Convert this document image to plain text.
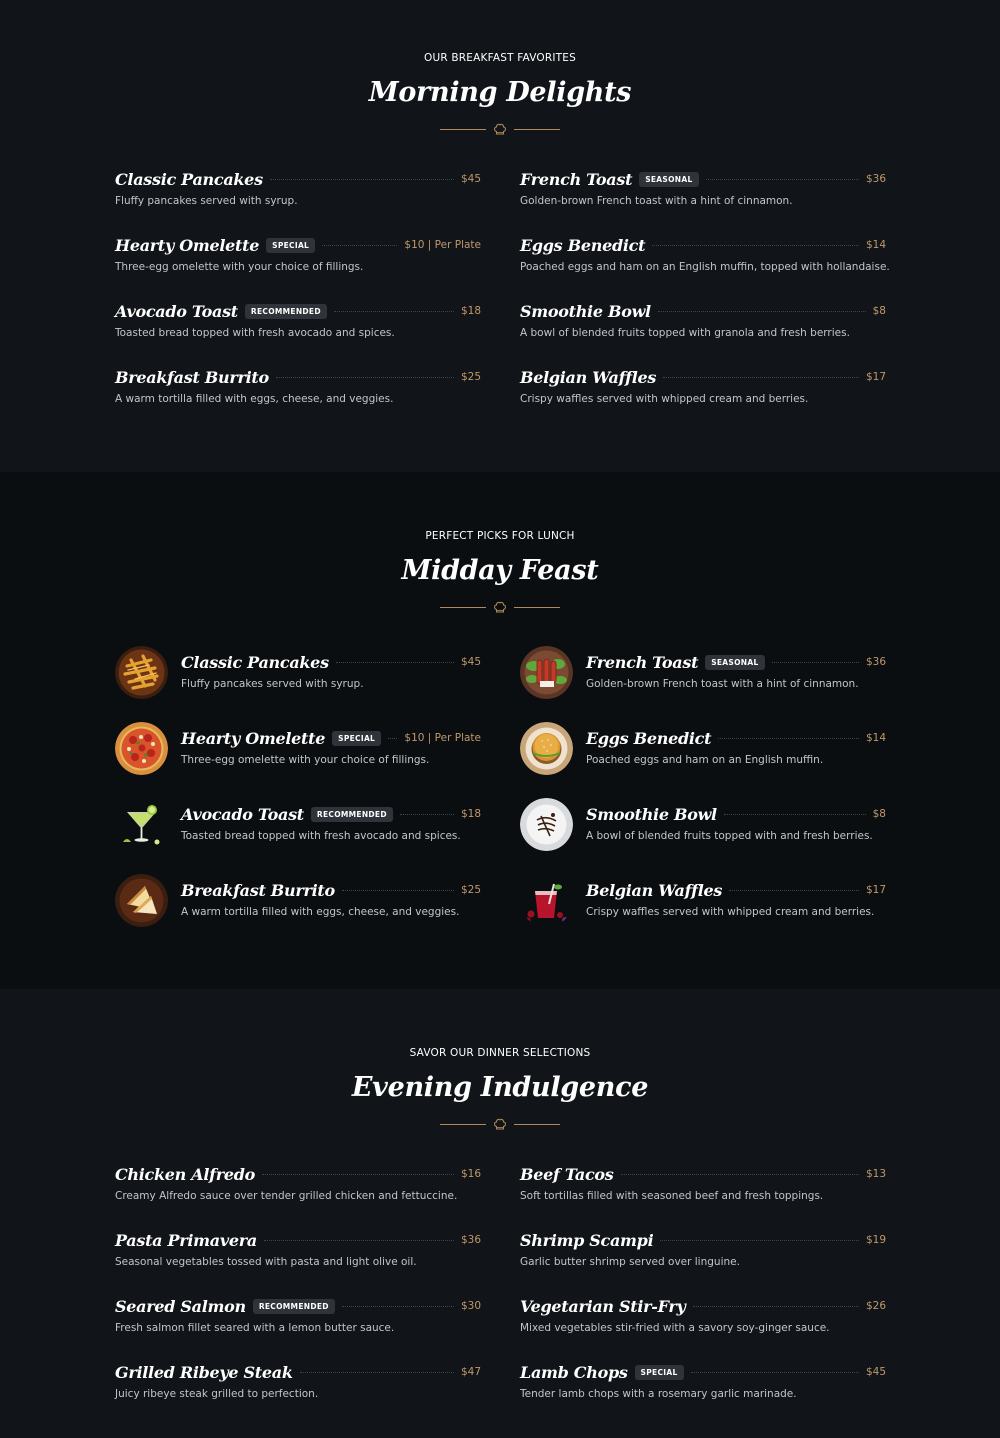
OUR BREAKFAST FAVORITES
Morning Delights
Classic Pancakes	$45
Fluffy pancakes served with syrup.
Hearty Omelette	SPECIAL	$10 | Per Plate
Three-egg omelette with your choice of fillings.
Avocado Toast	RECOMMENDED	$18
Toasted bread topped with fresh avocado and spices.
Breakfast Burrito	$25
A warm tortilla filled with eggs, cheese, and veggies.
French Toast	SEASONAL	$36
Golden-brown French toast with a hint of cinnamon.
Eggs Benedict	$14
Poached eggs and ham on an English muffin, topped with hollandaise.
Smoothie Bowl	$8
A bowl of blended fruits topped with granola and fresh berries.
Belgian Waffles	$17
Crispy waffles served with whipped cream and berries.
PERFECT PICKS FOR LUNCH
Midday Feast
Classic Pancakes	$45
Fluffy pancakes served with syrup.
Hearty Omelette	SPECIAL	$10 | Per Plate
Three-egg omelette with your choice of fillings.
Avocado Toast	RECOMMENDED	$18
Toasted bread topped with fresh avocado and spices.
Breakfast Burrito	$25
A warm tortilla filled with eggs, cheese, and veggies.
French Toast	SEASONAL	$36
Golden-brown French toast with a hint of cinnamon.
Eggs Benedict	$14
Poached eggs and ham on an English muffin.
Smoothie Bowl	$8
A bowl of blended fruits topped with and fresh berries.
Belgian Waffles	$17
Crispy waffles served with whipped cream and berries.
SAVOR OUR DINNER SELECTIONS
Evening Indulgence
Chicken Alfredo	$16
Creamy Alfredo sauce over tender grilled chicken and fettuccine.
Pasta Primavera	$36
Seasonal vegetables tossed with pasta and light olive oil.
Seared Salmon	RECOMMENDED	$30
Fresh salmon fillet seared with a lemon butter sauce.
Grilled Ribeye Steak	$47
Juicy ribeye steak grilled to perfection.
Beef Tacos	$13
Soft tortillas filled with seasoned beef and fresh toppings.
Shrimp Scampi	$19
Garlic butter shrimp served over linguine.
Vegetarian Stir-Fry	$26
Mixed vegetables stir-fried with a savory soy-ginger sauce.
Lamb Chops	SPECIAL	$45
Tender lamb chops with a rosemary garlic marinade.
